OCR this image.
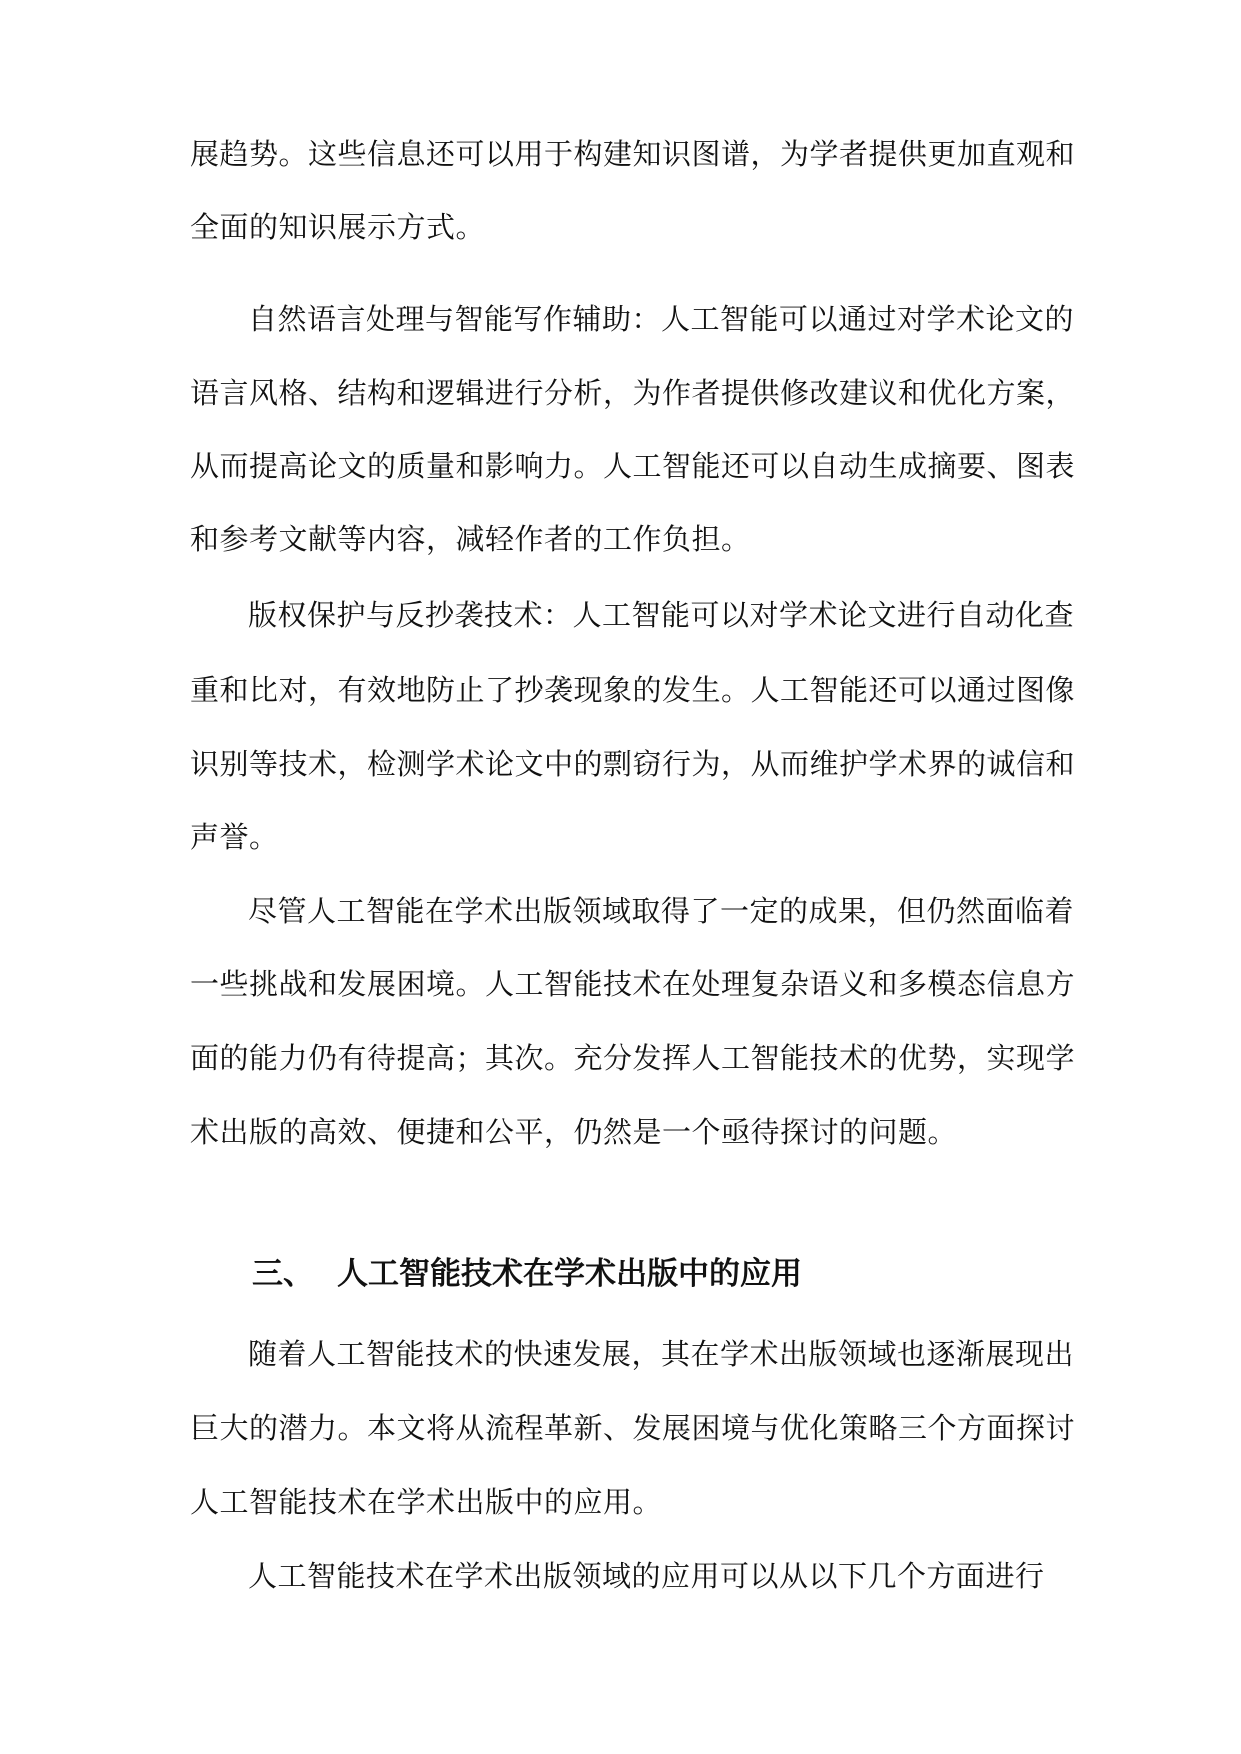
展趋势。这些信息还可以用于构建知识图谱，为学者提供更加直观和
全面的知识展示方式。
自然语言处理与智能写作辅助：人工智能可以通过对学术论文的
语言风格、结构和逻辑进行分析，为作者提供修改建议和优化方案，
从而提高论文的质量和影响力。人工智能还可以自动生成摘要、图表
和参考文献等内容，减轻作者的工作负担。
版权保护与反抄袭技术：人工智能可以对学术论文进行自动化查
重和比对，有效地防止了抄袭现象的发生。人工智能还可以通过图像
识别等技术，检测学术论文中的剽窃行为，从而维护学术界的诚信和
声誉。
尽管人工智能在学术出版领域取得了一定的成果，但仍然面临着
一些挑战和发展困境。人工智能技术在处理复杂语义和多模态信息方
面的能力仍有待提高；其次。充分发挥人工智能技术的优势，实现学
术出版的高效、便捷和公平，仍然是一个亟待探讨的问题。
三、 人工智能技术在学术出版中的应用
随着人工智能技术的快速发展，其在学术出版领域也逐渐展现出
巨大的潜力。本文将从流程革新、发展困境与优化策略三个方面探讨
人工智能技术在学术出版中的应用。
人工智能技术在学术出版领域的应用可以从以下几个方面进行
